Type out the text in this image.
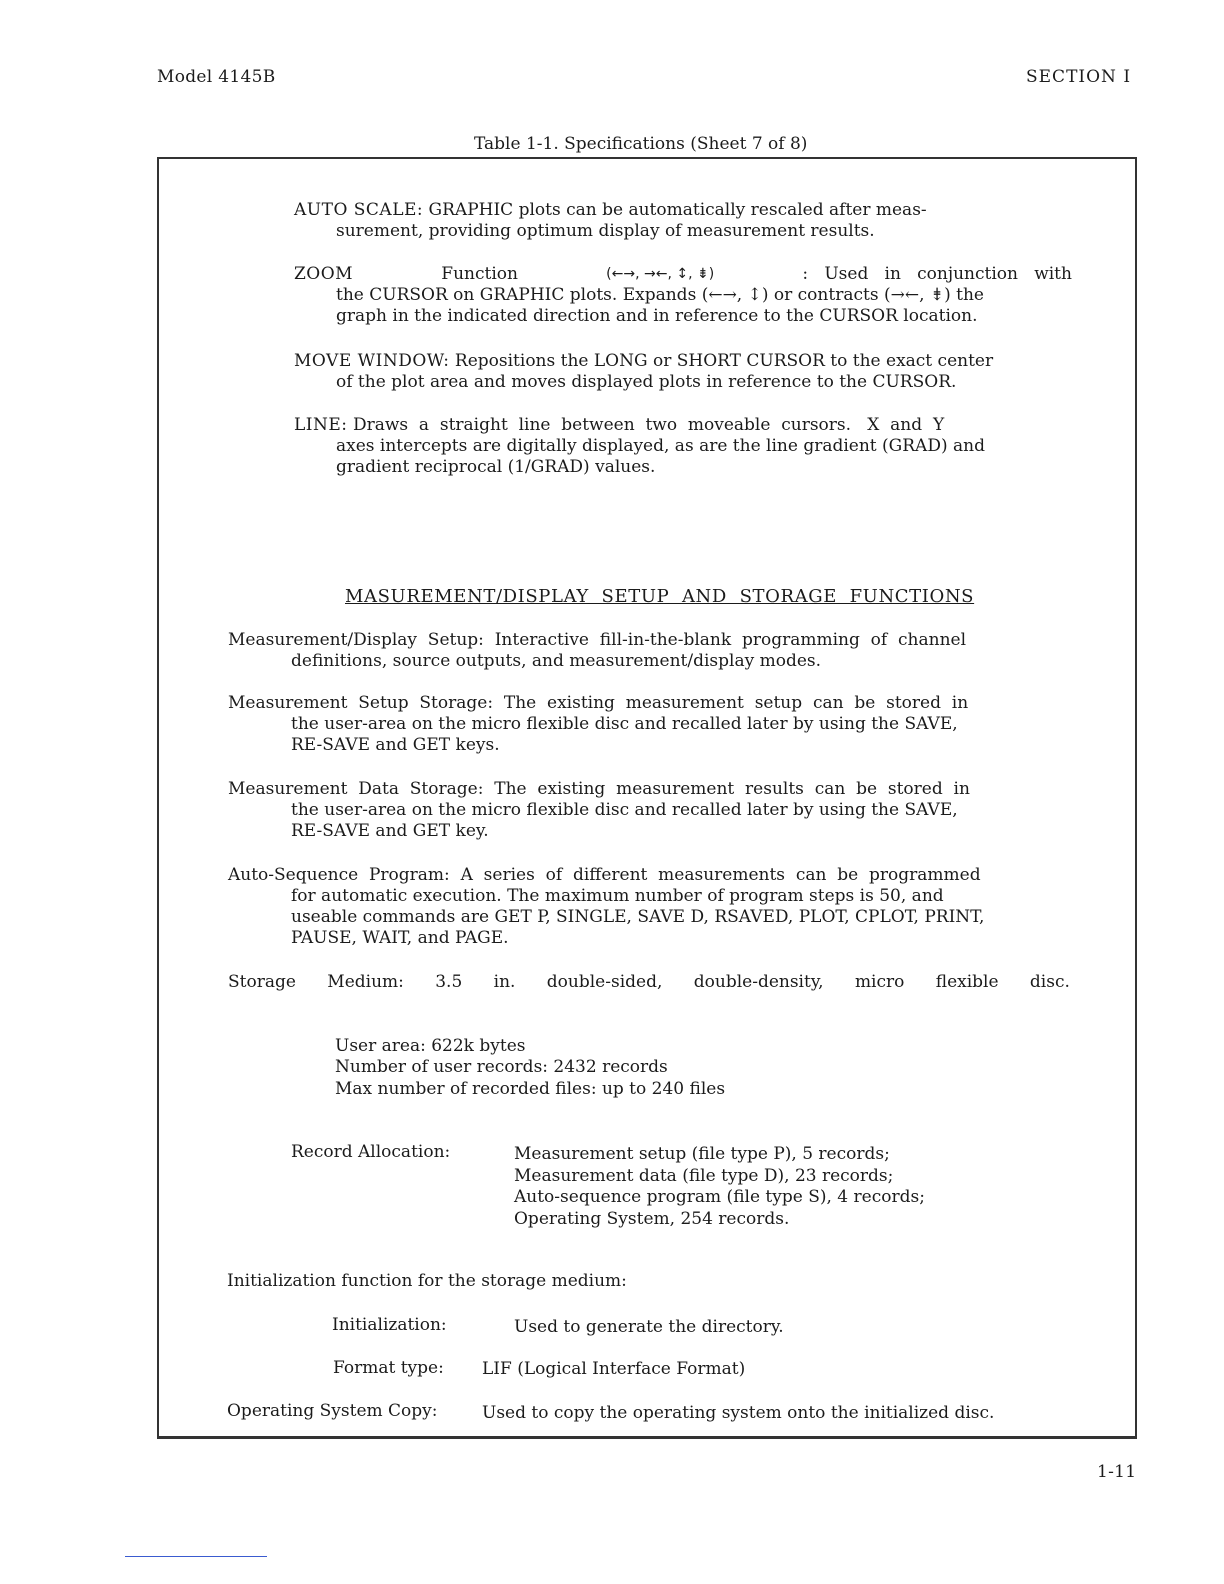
Model 4145B	SECTION I
Table 1-1. Specifications (Sheet 7 of 8)
AUTO SCALE: GRAPHIC plots can be automatically rescaled after meas-
surement, providing optimum display of measurement results.
ZOOM	Function	(←→, →←, ↕, ⇟)	:   Used   in   conjunction   with
the CURSOR on GRAPHIC plots. Expands (←→, ↕) or contracts (→←, ⇟) the
graph in the indicated direction and in reference to the CURSOR location.
MOVE WINDOW: Repositions the LONG or SHORT CURSOR to the exact center
of the plot area and moves displayed plots in reference to the CURSOR.
LINE: Draws  a  straight  line  between  two  moveable  cursors.   X  and  Y
axes intercepts are digitally displayed, as are the line gradient (GRAD) and
gradient reciprocal (1/GRAD) values.
MASUREMENT/DISPLAY  SETUP  AND  STORAGE  FUNCTIONS
Measurement/Display  Setup: Interactive  fill-in-the-blank  programming  of  channel
definitions, source outputs, and measurement/display modes.
Measurement  Setup  Storage: The  existing  measurement  setup  can  be  stored  in
the user-area on the micro flexible disc and recalled later by using the SAVE,
RE-SAVE and GET keys.
Measurement  Data  Storage: The  existing  measurement  results  can  be  stored  in
the user-area on the micro flexible disc and recalled later by using the SAVE,
RE-SAVE and GET key.
Auto-Sequence  Program: A  series  of  different  measurements  can  be  programmed
for automatic execution. The maximum number of program steps is 50, and
useable commands are GET P, SINGLE, SAVE D, RSAVED, PLOT, CPLOT, PRINT,
PAUSE, WAIT, and PAGE.
Storage Medium: 3.5 in. double-sided, double-density, micro flexible disc.
User area: 622k bytes
Number of user records: 2432 records
Max number of recorded files: up to 240 files
Record Allocation:	Measurement setup (file type P), 5 records;
Measurement data (file type D), 23 records;
Auto-sequence program (file type S), 4 records;
Operating System, 254 records.
Initialization function for the storage medium:
Initialization:	Used to generate the directory.
Format type: LIF (Logical Interface Format)
Operating System Copy:	Used to copy the operating system onto the initialized disc.
1-11
